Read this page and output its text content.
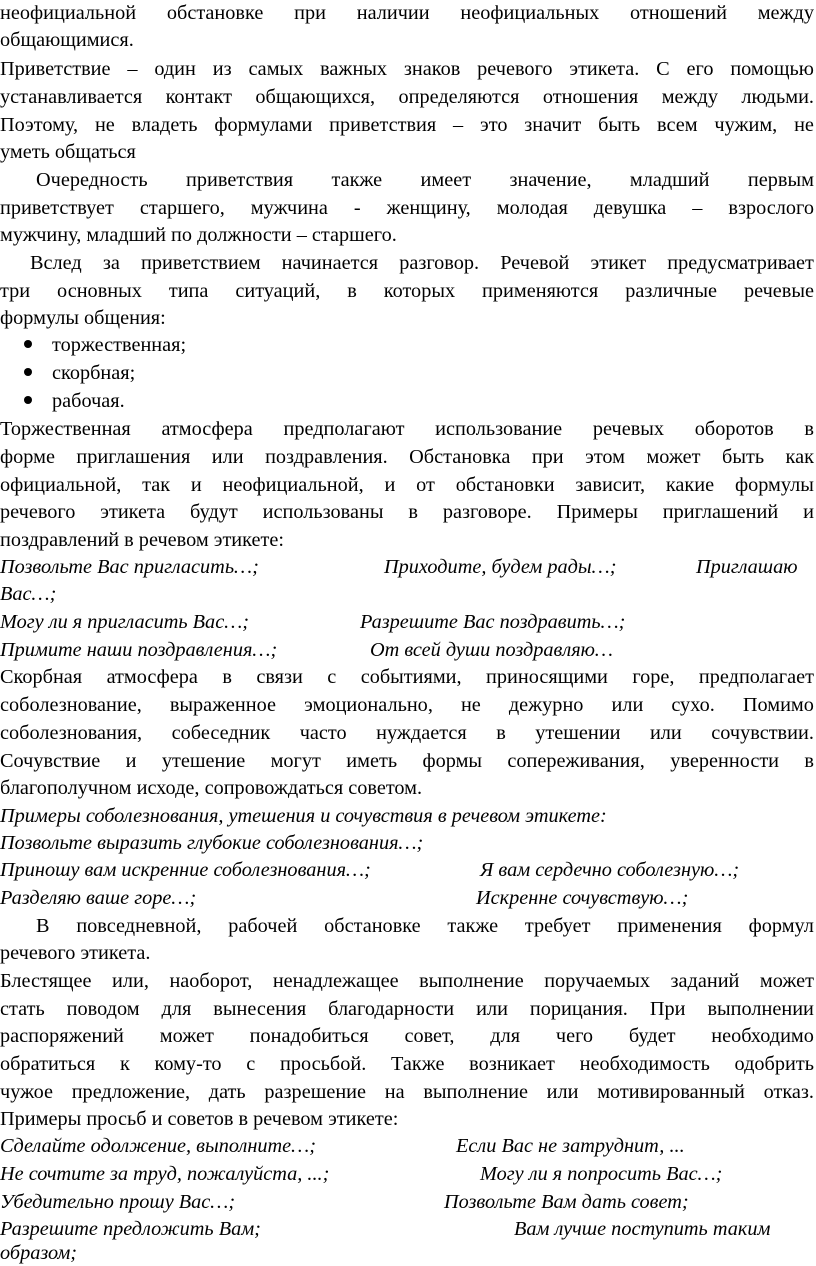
неофициальной обстановке при наличии неофициальных отношений между
общающимися.
Приветствие – один из самых важных знаков речевого этикета. С его помощью
устанавливается контакт общающихся, определяются отношения между людьми.
Поэтому, не владеть формулами приветствия – это значит быть всем чужим, не
уметь общаться
Очередность приветствия также имеет значение, младший первым
приветствует старшего, мужчина - женщину, молодая девушка – взрослого
мужчину, младший по должности – старшего.
Вслед за приветствием начинается разговор. Речевой этикет предусматривает
три основных типа ситуаций, в которых применяются различные речевые
формулы общения:
торжественная;
скорбная;
рабочая.
Торжественная атмосфера предполагают использование речевых оборотов в
форме приглашения или поздравления. Обстановка при этом может быть как
официальной, так и неофициальной, и от обстановки зависит, какие формулы
речевого этикета будут использованы в разговоре. Примеры приглашений и
поздравлений в речевом этикете:
Позвольте Вас пригласить…;	Приходите, будем рады…;	Приглашаю
Вас…;
Могу ли я пригласить Вас…;	Разрешите Вас поздравить…;
Примите наши поздравления…;	От всей души поздравляю…
Скорбная атмосфера в связи с событиями, приносящими горе, предполагает
соболезнование, выраженное эмоционально, не дежурно или сухо. Помимо
соболезнования, собеседник часто нуждается в утешении или сочувствии.
Сочувствие и утешение могут иметь формы сопереживания, уверенности в
благополучном исходе, сопровождаться советом.
Примеры соболезнования, утешения и сочувствия в речевом этикете:
Позвольте выразить глубокие соболезнования…;
Приношу вам искренние соболезнования…;	Я вам сердечно соболезную…;
Разделяю ваше горе…;	Искренне сочувствую…;
В повседневной, рабочей обстановке также требует применения формул
речевого этикета.
Блестящее или, наоборот, ненадлежащее выполнение поручаемых заданий может
стать поводом для вынесения благодарности или порицания. При выполнении
распоряжений может понадобиться совет, для чего будет необходимо
обратиться к кому-то с просьбой. Также возникает необходимость одобрить
чужое предложение, дать разрешение на выполнение или мотивированный отказ.
Примеры просьб и советов в речевом этикете:
Сделайте одолжение, выполните…;	Если Вас не затруднит, ...
Не сочтите за труд, пожалуйста, ...;	Могу ли я попросить Вас…;
Убедительно прошу Вас…;	Позвольте Вам дать совет;
Разрешите предложить Вам;	Вам лучше поступить таким
образом;
